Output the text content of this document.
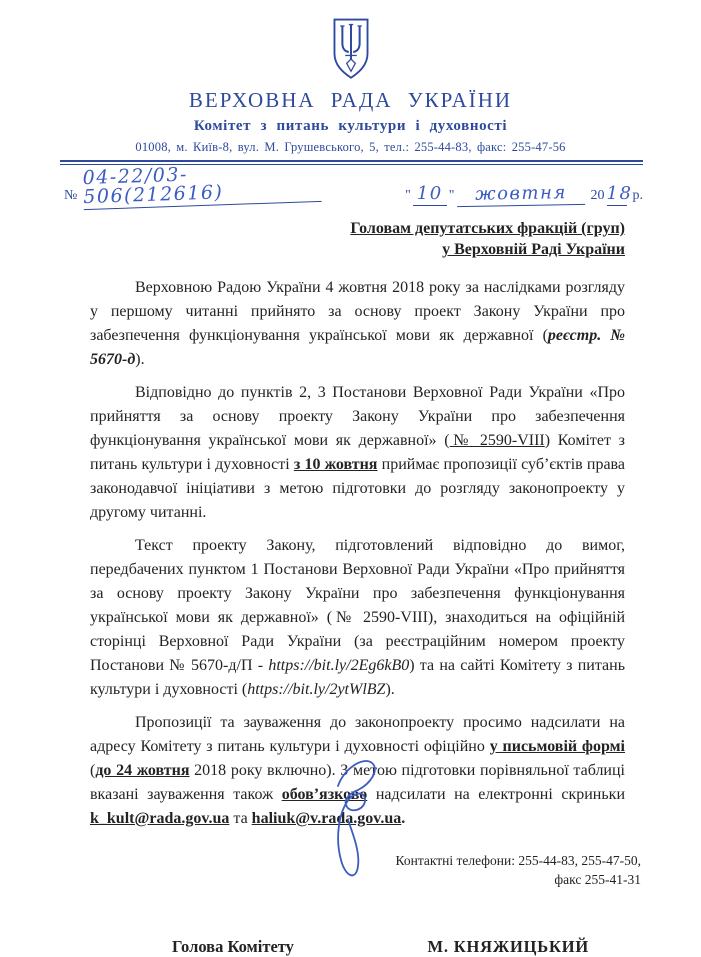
ВЕРХОВНА РАДА УКРАЇНИ
Комітет з питань культури і духовності
01008, м. Київ-8, вул. М. Грушевського, 5, тел.: 255-44-83, факс: 255-47-56
№04-22/03-506(212616)	" 10 " жовтня 20 18 р.
Головам депутатських фракцій (груп)
у Верховній Раді України

Верховною Радою України 4 жовтня 2018 року за наслідками розгляду у першому читанні прийнято за основу проект Закону України про забезпечення функціонування української мови як державної (реєстр. № 5670-д).

Відповідно до пунктів 2, 3 Постанови Верховної Ради України «Про прийняття за основу проекту Закону України про забезпечення функціонування української мови як державної» (№ 2590-VIII) Комітет з питань культури і духовності з 10 жовтня приймає пропозиції суб’єктів права законодавчої ініціативи з метою підготовки до розгляду законопроекту у другому читанні.

Текст проекту Закону, підготовлений відповідно до вимог, передбачених пунктом 1 Постанови Верховної Ради України «Про прийняття за основу проекту Закону України про забезпечення функціонування української мови як державної» (№ 2590-VIII), знаходиться на офіційній сторінці Верховної Ради України (за реєстраційним номером проекту Постанови № 5670-д/П - https://bit.ly/2Eg6kB0) та на сайті Комітету з питань культури і духовності (https://bit.ly/2ytWlBZ).

Пропозиції та зауваження до законопроекту просимо надсилати на адресу Комітету з питань культури і духовності офіційно у письмовій формі (до 24 жовтня 2018 року включно). З метою підготовки порівняльної таблиці вказані зауваження також обов’язково надсилати на електронні скриньки k_kult@rada.gov.ua та haliuk@v.rada.gov.ua.

Контактні телефони: 255-44-83, 255-47-50,
факс 255-41-31
Голова Комітету	М. КНЯЖИЦЬКИЙ
